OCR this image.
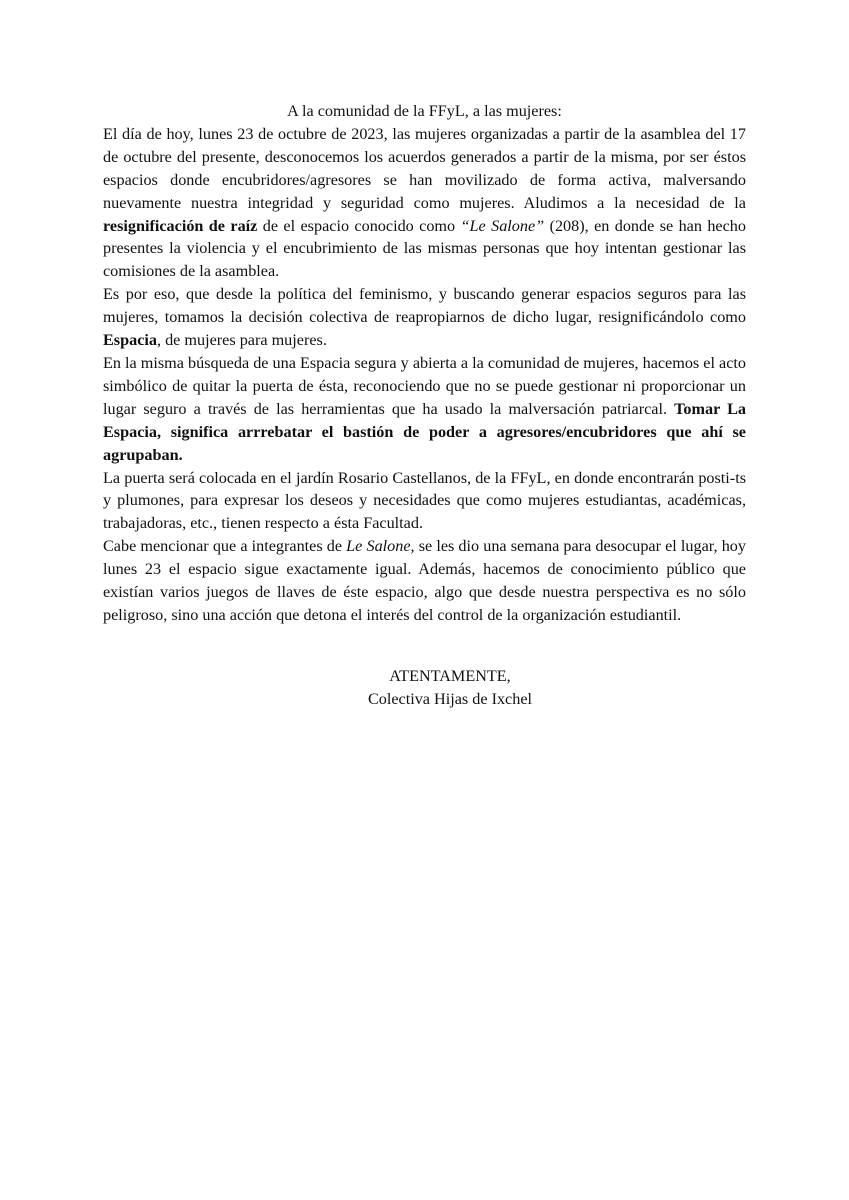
A la comunidad de la FFyL, a las mujeres:

El día de hoy, lunes 23 de octubre de 2023, las mujeres organizadas a partir de la asamblea del 17 de octubre del presente, desconocemos los acuerdos generados a partir de la misma, por ser éstos espacios donde encubridores/agresores se han movilizado de forma activa, malversando nuevamente nuestra integridad y seguridad como mujeres. Aludimos a la necesidad de la resignificación de raíz de el espacio conocido como “Le Salone” (208), en donde se han hecho presentes la violencia y el encubrimiento de las mismas personas que hoy intentan gestionar las comisiones de la asamblea.

Es por eso, que desde la política del feminismo, y buscando generar espacios seguros para las mujeres, tomamos la decisión colectiva de reapropiarnos de dicho lugar, resignificándolo como Espacia, de mujeres para mujeres.

En la misma búsqueda de una Espacia segura y abierta a la comunidad de mujeres, hacemos el acto simbólico de quitar la puerta de ésta, reconociendo que no se puede gestionar ni proporcionar un lugar seguro a través de las herramientas que ha usado la malversación patriarcal. Tomar La Espacia, significa arrrebatar el bastión de poder a agresores/encubridores que ahí se agrupaban.

La puerta será colocada en el jardín Rosario Castellanos, de la FFyL, en donde encontrarán posti-ts y plumones, para expresar los deseos y necesidades que como mujeres estudiantas, académicas, trabajadoras, etc., tienen respecto a ésta Facultad.

Cabe mencionar que a integrantes de Le Salone, se les dio una semana para desocupar el lugar, hoy lunes 23 el espacio sigue exactamente igual. Además, hacemos de conocimiento público que existían varios juegos de llaves de éste espacio, algo que desde nuestra perspectiva es no sólo peligroso, sino una acción que detona el interés del control de la organización estudiantil.

ATENTAMENTE,

Colectiva Hijas de Ixchel
